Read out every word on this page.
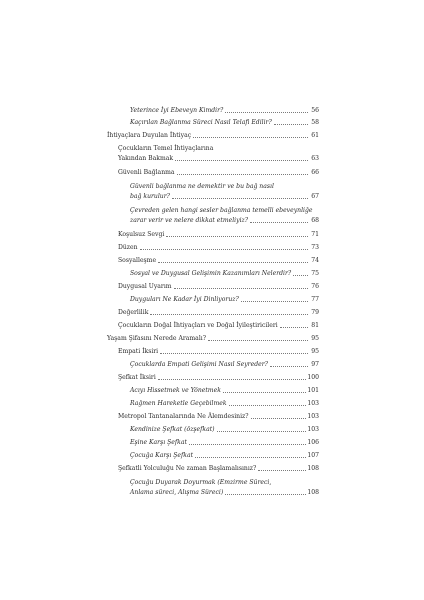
Yeterince İyi Ebeveyn Kimdir?	56
Kaçırılan Bağlanma Süreci Nasıl Telafi Edilir?	58
İhtiyaçlara Duyulan İhtiyaç	61
Çocukların Temel İhtiyaçlarına
Yakından Bakmak	63
Güvenli Bağlanma	66
Güvenli bağlanma ne demektir ve bu bağ nasıl
bağ kurulur?	67
Çevreden gelen hangi sesler bağlanma temelli ebeveynliğe
zarar verir ve nelere dikkat etmeliyiz?	68
Koşulsuz Sevgi	71
Düzen	73
Sosyalleşme	74
Sosyal ve Duygusal Gelişimin Kazanımları Nelerdir?	75
Duygusal Uyarım	76
Duyguları Ne Kadar İyi Dinliyoruz?	77
Değerlilik	79
Çocukların Doğal İhtiyaçları ve Doğal İyileştiricileri	81
Yaşam Şifasını Nerede Aramalı?	95
Empati İksiri	95
Çocuklarda Empati Gelişimi Nasıl Seyreder?	97
Şefkat İksiri	100
Acıyı Hissetmek ve Yönetmek	101
Rağmen Hareketle Geçebilmek	103
Metropol Tantanalarında Ne Âlemdesiniz?	103
Kendinize Şefkat (özşefkat)	103
Eşine Karşı Şefkat	106
Çocuğa Karşı Şefkat	107
Şefkatli Yolculuğu Ne zaman Başlamalısınız?	108
Çocuğu Duyarak Doyurmak (Emzirme Süreci,
Anlama süreci, Alışma Süreci)	108
